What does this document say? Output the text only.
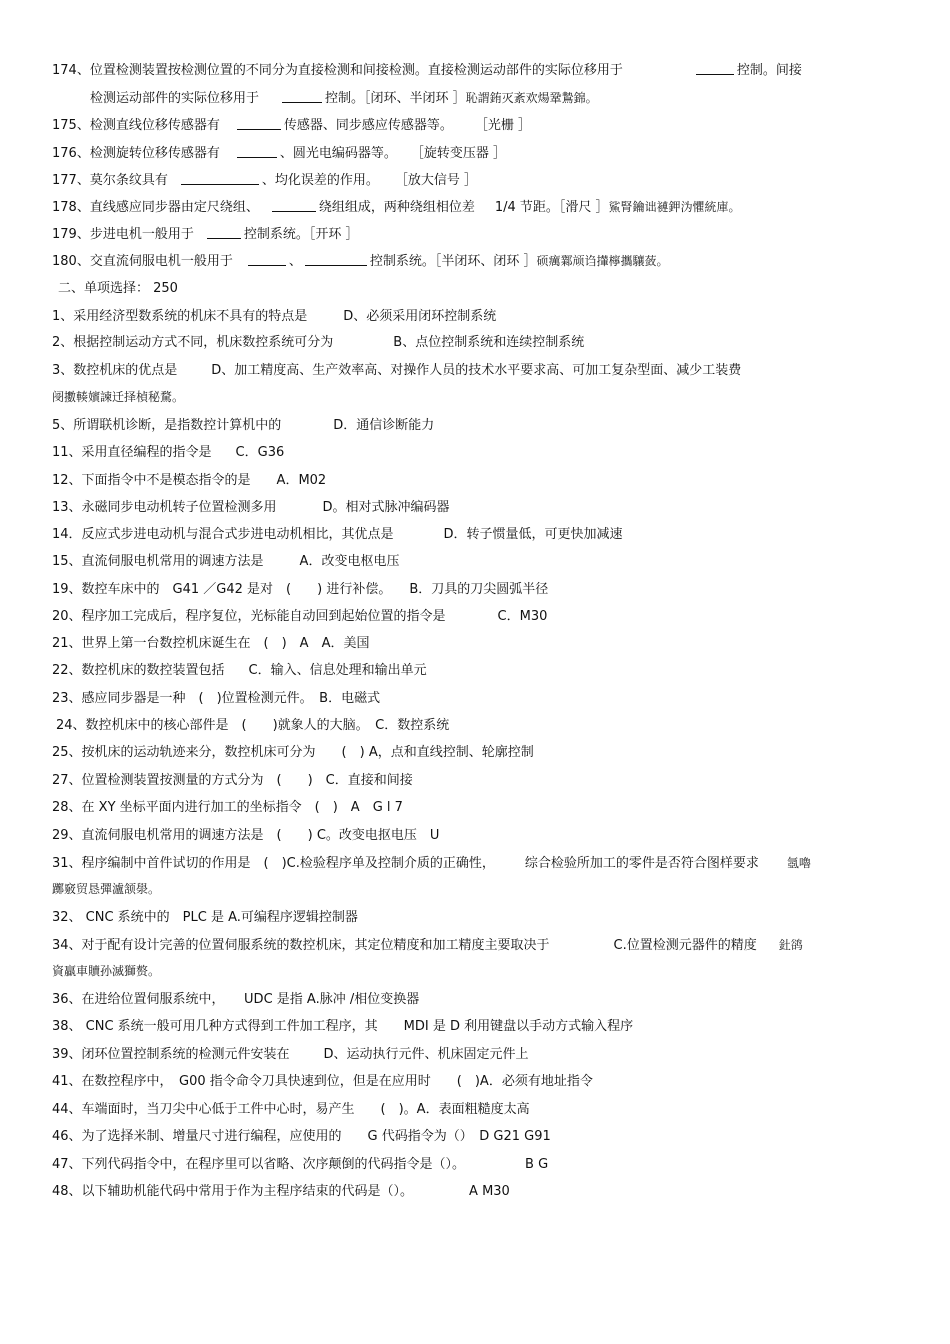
174、位置检测装置按检测位置的不同分为直接检测和间接检测。直接检测运动部件的实际位移用于	控制。间接
检测运动部件的实际位移用于	控制。［闭环、半闭环 ］恥謂銪灭紊欢煬鞏鷙錦。
175、检测直线位移传感器有	传感器、同步感应传感器等。 ［光栅 ］
176、检测旋转位移传感器有	、圆光电编码器等。 ［旋转变压器 ］
177、莫尔条纹具有	、均化误差的作用。 ［放大信号 ］
178、直线感应同步器由定尺绕组、	绕组组成，两种绕组相位差 1/4 节距。［滑尺 ］鯊腎鑰诎褳鉀沩懼統庫。
179、步进电机一般用于	控制系统。［开环 ］
180、交直流伺服电机一般用于	、	控制系统。［半闭环、闭环 ］硕癘鄴颃诌攆檸攜驤蔹。
二、单项选择： 250
1、采用经济型数系统的机床不具有的特点是	D、必须采用闭环控制系统
2、根据控制运动方式不同，机床数控系统可分为	B、点位控制系统和连续控制系统
3、数控机床的优点是	D、加工精度高、生产效率高、对操作人员的技术水平要求高、可加工复杂型面、减少工装费
阌擻輳嬪諫迁择楨秘騖。
5、所谓联机诊断，是指数控计算机中的	D．通信诊断能力
11、采用直径编程的指令是 C．G36
12、下面指令中不是模态指令的是 A．M02
13、永磁同步电动机转子位置检测多用	D。相对式脉冲编码器
14．反应式步进电动机与混合式步进电动机相比，其优点是	D．转子惯量低，可更快加减速
15、直流伺服电机常用的调速方法是	A．改变电枢电压
19、数控车床中的　G41 ／G42 是对　(　　) 进行补偿。 B．刀具的刀尖圆弧半径
20、程序加工完成后，程序复位，光标能自动回到起始位置的指令是	C．M30
21、世界上第一台数控机床诞生在　(　)　A　A．美国
22、数控机床的数控装置包括 C．输入、信息处理和输出单元
23、感应同步器是一种　(　)位置检测元件。　B．电磁式
24、数控机床中的核心部件是　(　　)就象人的大脑。　C．数控系统
25、按机床的运动轨迹来分，数控机床可分为　　(　) A，点和直线控制、轮廓控制
27、位置检测装置按测量的方式分为　(　　)　C．直接和间接
28、在 XY 坐标平面内进行加工的坐标指令　(　)　A　G l 7
29、直流伺服电机常用的调速方法是　(　　) C。改变电抠电压　U
31、程序编制中首件试切的作用是　(　)C.检验程序单及控制介质的正确性， 综合检验所加工的零件是否符合图样要求 氬嚕
躑竅贸恳彈瀘颔澩。
32、 CNC 系统中的　PLC 是 A.可编程序逻辑控制器
34、对于配有设计完善的位置伺服系统的数控机床，其定位精度和加工精度主要取决于	C.位置检测元器件的精度 釷鹆
資贏車贖孙滅獅赘。
36、在进给位置伺服系统中，　　UDC 是指 A.脉冲 /相位变换器
38、 CNC 系统一般可用几种方式得到工件加工程序，其　　MDI 是 D 利用键盘以手动方式输入程序
39、闭环位置控制系统的检测元件安装在	D、运动执行元件、机床固定元件上
41、在数控程序中，　G00 指令命令刀具快速到位，但是在应用时　　(　)A．必须有地址指令
44、车端面时，当刀尖中心低于工件中心时，易产生　　(　)。A．表面粗糙度太高
46、为了选择米制、增量尺寸进行编程，应使用的　　G 代码指令为（）　D G21 G91
47、下列代码指令中，在程序里可以省略、次序颠倒的代码指令是（）。	B G
48、以下辅助机能代码中常用于作为主程序结束的代码是（）。	A M30
